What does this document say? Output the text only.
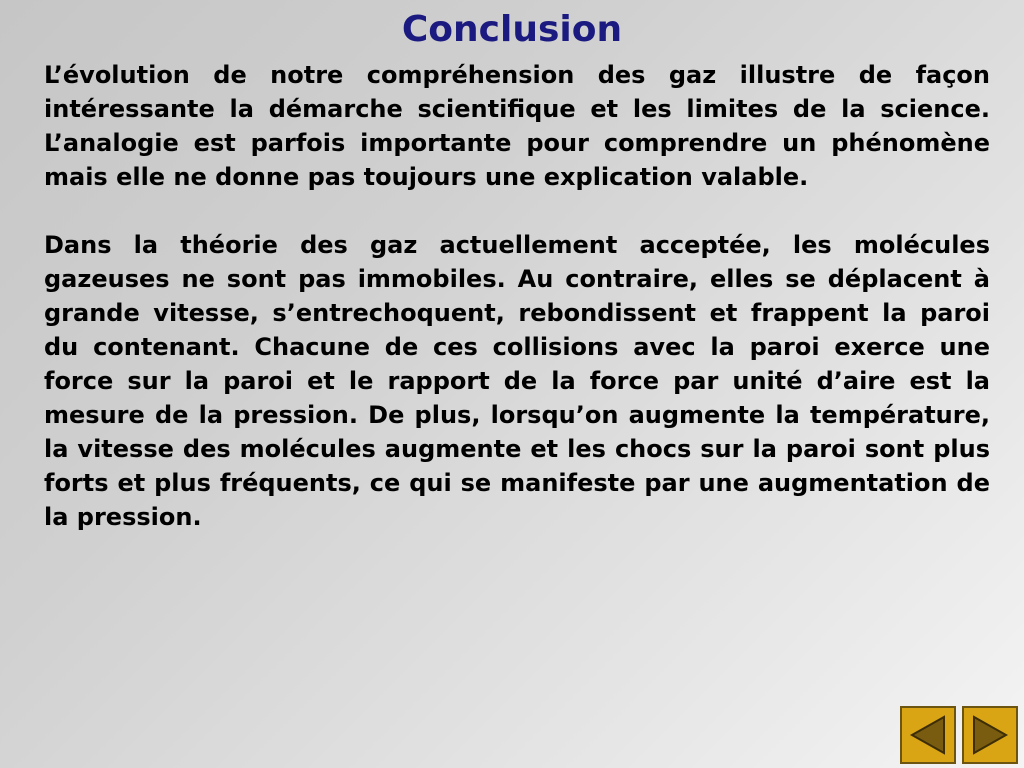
Conclusion

L’évolution de notre compréhension des gaz illustre de façon intéressante la démarche scientifique et les limites de la science. L’analogie est parfois importante pour comprendre un phénomène mais elle ne donne pas toujours une explication valable.

Dans la théorie des gaz actuellement acceptée, les molécules gazeuses ne sont pas immobiles. Au contraire, elles se déplacent à grande vitesse, s’entrechoquent, rebondissent et frappent la paroi du contenant. Chacune de ces collisions avec la paroi exerce une force sur la paroi et le rapport de la force par unité d’aire est la mesure de la pression. De plus, lorsqu’on augmente la température, la vitesse des molécules augmente et les chocs sur la paroi sont plus forts et plus fréquents, ce qui se manifeste par une augmentation de la pression.
